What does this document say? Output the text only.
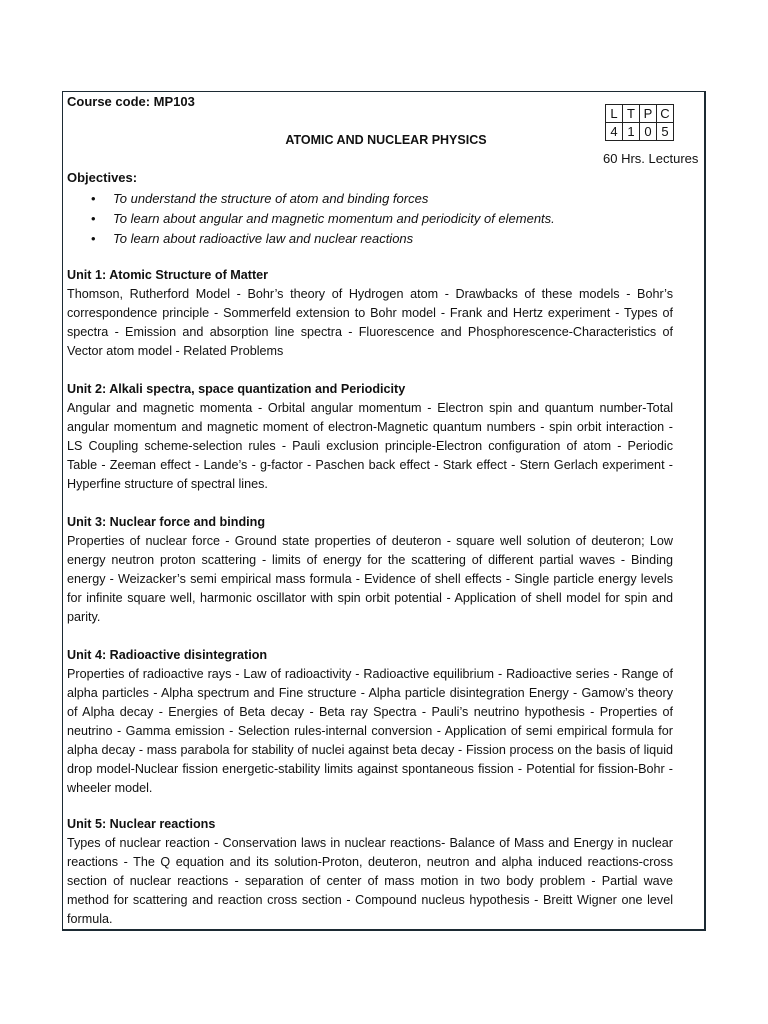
Course code: MP103
L	T	P	C
4	1	0	5
ATOMIC AND NUCLEAR PHYSICS
60 Hrs. Lectures
Objectives:
• To understand the structure of atom and binding forces
• To learn about angular and magnetic momentum and periodicity of elements.
• To learn about radioactive law and nuclear reactions
Unit 1: Atomic Structure of Matter
Thomson, Rutherford Model - Bohr’s theory of Hydrogen atom - Drawbacks of these models - Bohr’s correspondence principle - Sommerfeld extension to Bohr model - Frank and Hertz experiment - Types of spectra - Emission and absorption line spectra - Fluorescence and Phosphorescence-Characteristics of Vector atom model - Related Problems
Unit 2: Alkali spectra, space quantization and Periodicity
Angular and magnetic momenta - Orbital angular momentum - Electron spin and quantum number-Total angular momentum and magnetic moment of electron-Magnetic quantum numbers - spin orbit interaction - LS Coupling scheme-selection rules - Pauli exclusion principle-Electron configuration of atom - Periodic Table - Zeeman effect - Lande’s - g-factor - Paschen back effect - Stark effect - Stern Gerlach experiment - Hyperfine structure of spectral lines.
Unit 3: Nuclear force and binding
Properties of nuclear force - Ground state properties of deuteron - square well solution of deuteron; Low energy neutron proton scattering - limits of energy for the scattering of different partial waves - Binding energy - Weizacker’s semi empirical mass formula - Evidence of shell effects - Single particle energy levels for infinite square well, harmonic oscillator with spin orbit potential - Application of shell model for spin and parity.
Unit 4: Radioactive disintegration
Properties of radioactive rays - Law of radioactivity - Radioactive equilibrium - Radioactive series - Range of alpha particles - Alpha spectrum and Fine structure - Alpha particle disintegration Energy - Gamow’s theory of Alpha decay - Energies of Beta decay - Beta ray Spectra - Pauli’s neutrino hypothesis - Properties of neutrino - Gamma emission - Selection rules-internal conversion - Application of semi empirical formula for alpha decay - mass parabola for stability of nuclei against beta decay - Fission process on the basis of liquid drop model-Nuclear fission energetic-stability limits against spontaneous fission - Potential for fission-Bohr - wheeler model.
Unit 5: Nuclear reactions
Types of nuclear reaction - Conservation laws in nuclear reactions- Balance of Mass and Energy in nuclear reactions - The Q equation and its solution-Proton, deuteron, neutron and alpha induced reactions-cross section of nuclear reactions - separation of center of mass motion in two body problem - Partial wave method for scattering and reaction cross section - Compound nucleus hypothesis - Breitt Wigner one level formula.
